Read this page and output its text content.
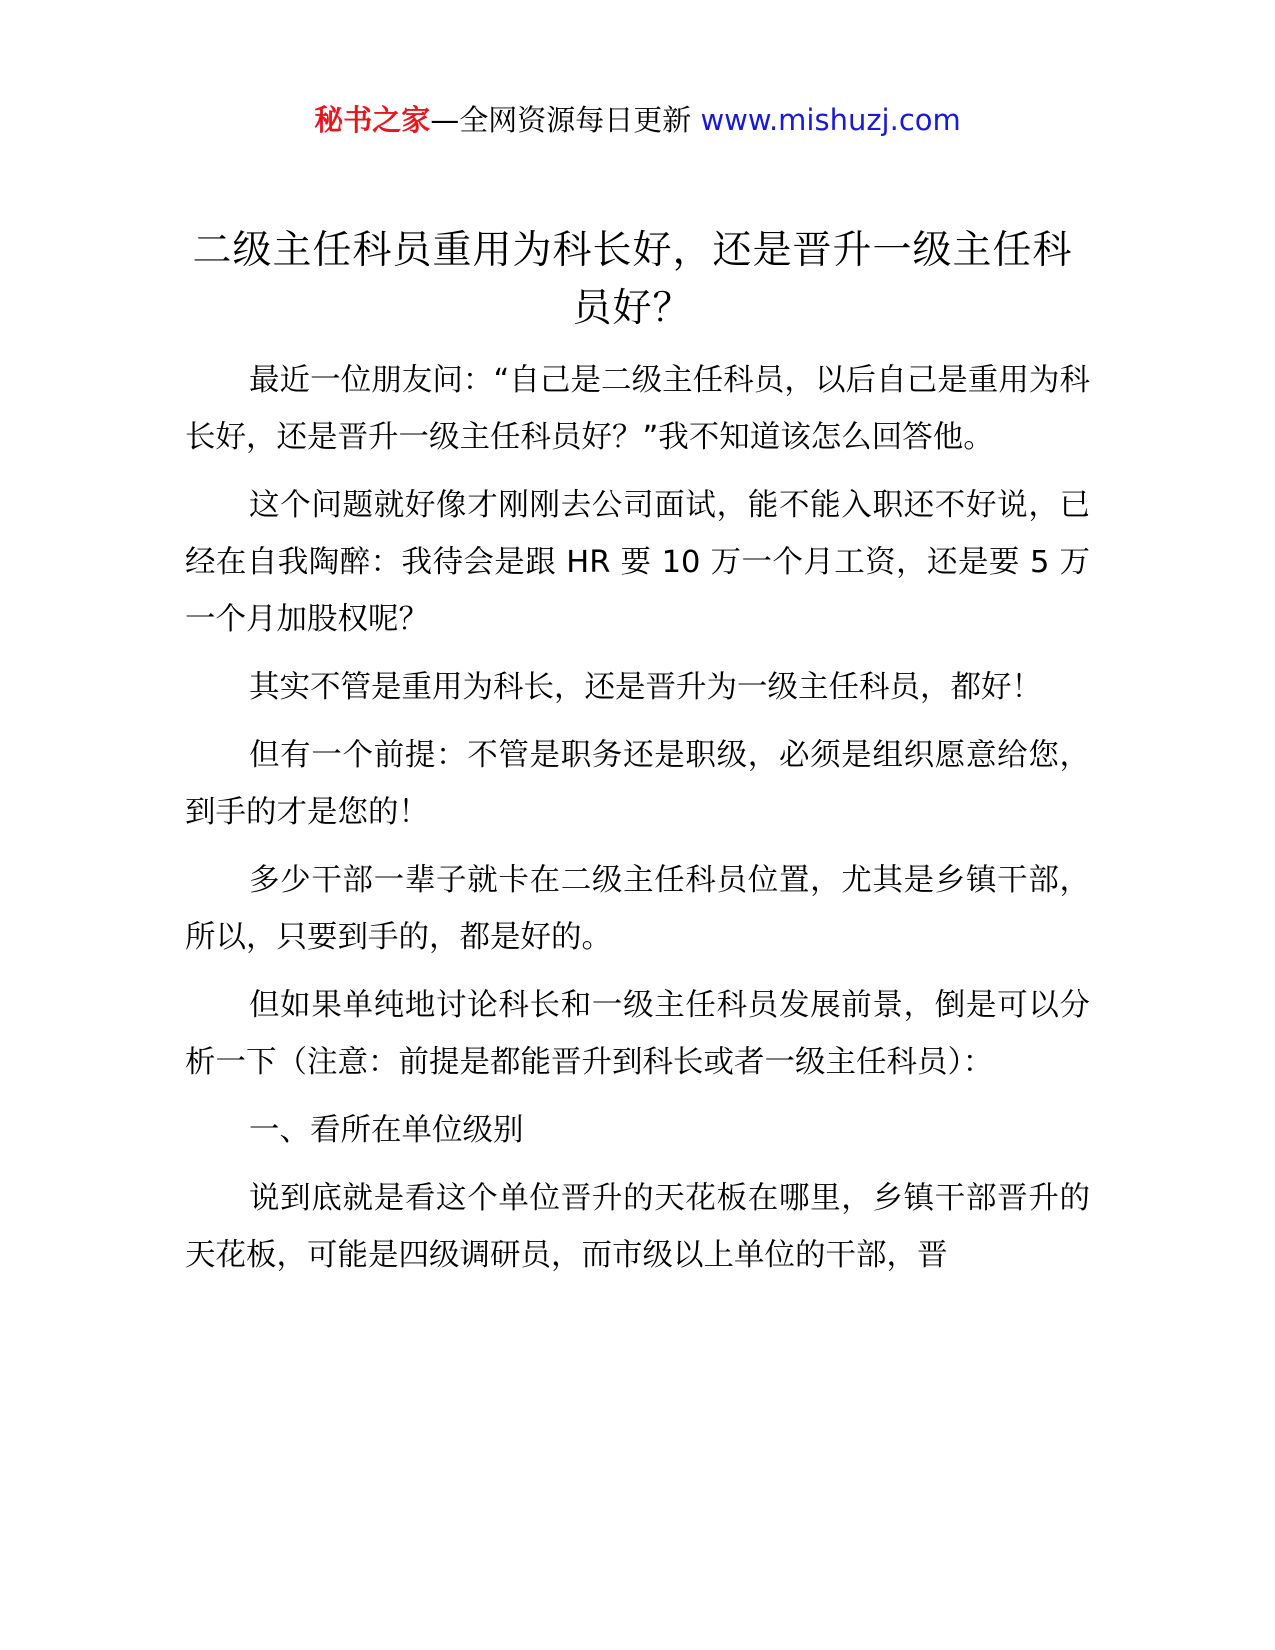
秘书之家—全网资源每日更新 www.mishuzj.com
二级主任科员重用为科长好，还是晋升一级主任科员好？

最近一位朋友问：“自己是二级主任科员，以后自己是重用为科长好，还是晋升一级主任科员好？”我不知道该怎么回答他。

这个问题就好像才刚刚去公司面试，能不能入职还不好说，已经在自我陶醉：我待会是跟 HR 要 10 万一个月工资，还是要 5 万一个月加股权呢？

其实不管是重用为科长，还是晋升为一级主任科员，都好！

但有一个前提：不管是职务还是职级，必须是组织愿意给您，到手的才是您的！

多少干部一辈子就卡在二级主任科员位置，尤其是乡镇干部，所以，只要到手的，都是好的。

但如果单纯地讨论科长和一级主任科员发展前景，倒是可以分析一下（注意：前提是都能晋升到科长或者一级主任科员）：

一、看所在单位级别

说到底就是看这个单位晋升的天花板在哪里，乡镇干部晋升的天花板，可能是四级调研员，而市级以上单位的干部，晋
